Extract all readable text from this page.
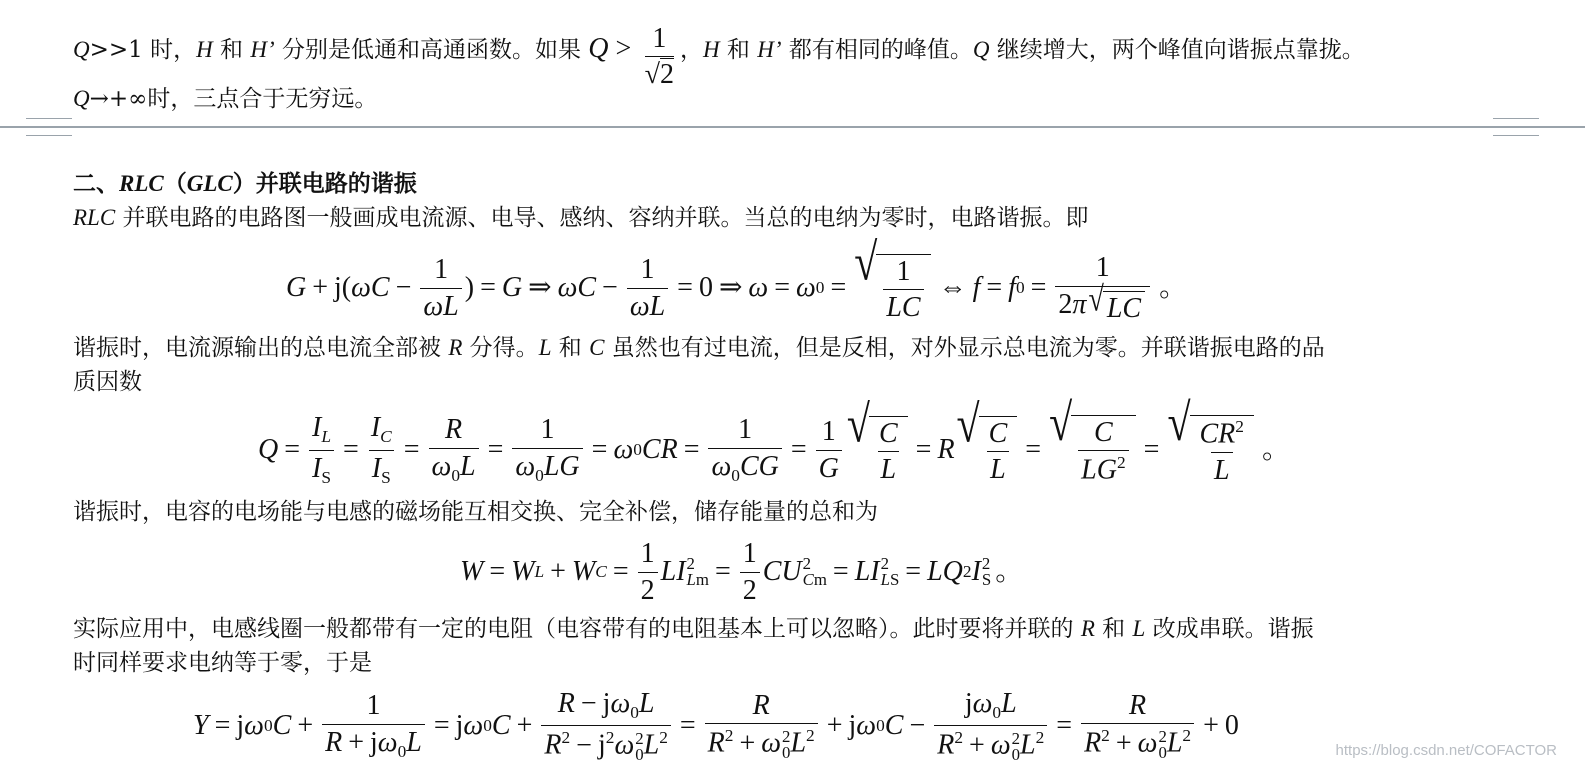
Q>>1 时，H 和 H’ 分别是低通和高通函数。如果 Q > 1
√2
，H 和 H’ 都有相同的峰值。Q 继续增大，两个峰值向谐振点靠拢。
Q→+∞时，三点合于无穷远。
二、RLC（GLC）并联电路的谐振
RLC 并联电路的电路图一般画成电流源、电导、感纳、容纳并联。当总的电纳为零时，电路谐振。即
G + j( $\omega C - \frac{1}{\omega L}$ ) = G ⇒ $\omega C - \frac{1}{\omega L} = 0$ ⇒ ω = ω 0 = √ $\frac{1}{LC}$ ⇔ f = f $0 = \frac{1}{2\pi √ LC}$ 。
谐振时，电流源输出的总电流全部被 R 分得。L 和 C 虽然也有过电流，但是反相，对外显示总电流为零。并联谐振电路的品
质因数
$Q = \frac{I_L}{I_S} = \frac{I_C}{I_S} = \frac{R}{\omega_0L} = \frac{1}{\omega_0LG} = \omega$ 0 CR = $\frac{1}{\omega_0CG} = \frac{1}{G}$ √ $\frac{C}{L} = R$ √ $\frac{C}{L}$ = √ $\frac{C}{LG^2}$ = √ $\frac{CR^2}{L}$ 。
谐振时，电容的电场能与电感的磁场能互相交换、完全补偿，储存能量的总和为
W = W L + W $C = \frac{1}{2}$ LI 2
$Lm = \frac{1}{2}$ CU 2
Cm = LI 2
LS = LQ 2 I 2
S 。
实际应用中，电感线圈一般都带有一定的电阻（电容带有的电阻基本上可以忽略）。此时要将并联的 R 和 L 改成串联。谐振
时同样要求电纳等于零，于是
Y = j ω 0 $C + \frac{1}{R + j\omega_0L} = j$ ω 0 $C + R - j\omega_0L$
$R^2 - j^2\omega$ 2
0 $L^2 = R$
$R^2 + \omega$ 2
0 $L^2 + j$ ω 0 $C - j\omega_0L$
$R^2 + \omega$ 2
0 $L^2 = R$
$R^2 + \omega$ 2
0 $L^2 + 0$
https://blog.csdn.net/COFACTOR
